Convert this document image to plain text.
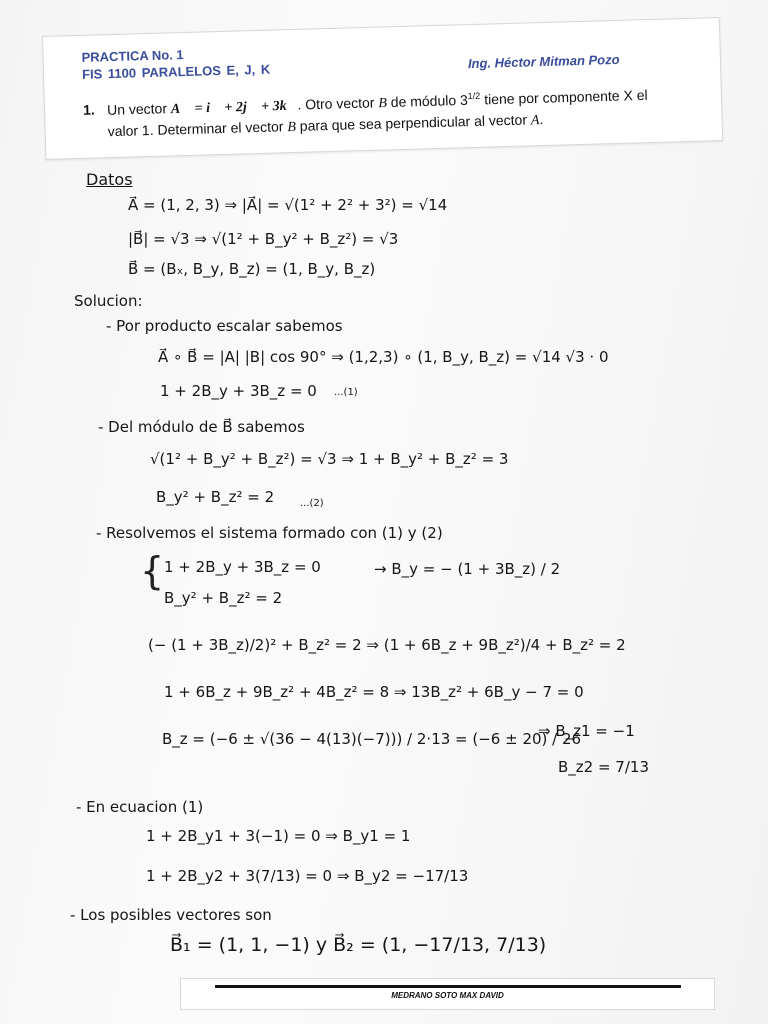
PRACTICA No. 1
FIS 1100 PARALELOS E, J, K
Ing. Héctor Mitman Pozo
1. Un vector A⃗ = i⃗ + 2j⃗ + 3k⃗. Otro vector B de módulo $3^{1/2}$ tiene por componente X el
valor 1. Determinar el vector B para que sea perpendicular al vector A.
Datos
A⃗ = (1, 2, 3) ⇒ |A⃗| = √(1² + 2² + 3²) = √14
|B⃗| = √3 ⇒ √(1² + B_y² + B_z²) = √3
B⃗ = (Bₓ, B_y, B_z) = (1, B_y, B_z)
Solucion:
- Por producto escalar sabemos
A⃗ ∘ B⃗ = |A| |B| cos 90° ⇒ (1,2,3) ∘ (1, B_y, B_z) = √14 √3 · 0
1 + 2B_y + 3B_z = 0 ...(1)
- Del módulo de B⃗ sabemos
√(1² + B_y² + B_z²) = √3 ⇒ 1 + B_y² + B_z² = 3
B_y² + B_z² = 2	...(2)
- Resolvemos el sistema formado con (1) y (2)
{ 1 + 2B_y + 3B_z = 0
B_y² + B_z² = 2
→ B_y = − (1 + 3B_z) / 2
(− (1 + 3B_z)/2)² + B_z² = 2 ⇒ (1 + 6B_z + 9B_z²)/4 + B_z² = 2
1 + 6B_z + 9B_z² + 4B_z² = 8 ⇒ 13B_z² + 6B_y − 7 = 0
B_z = (−6 ± √(36 − 4(13)(−7))) / 2·13 = (−6 ± 20) / 26
⇒ B_z1 = −1
B_z2 = 7/13
- En ecuacion (1)
1 + 2B_y1 + 3(−1) = 0 ⇒ B_y1 = 1
1 + 2B_y2 + 3(7/13) = 0 ⇒ B_y2 = −17/13
- Los posibles vectores son
B⃗₁ = (1, 1, −1) y B⃗₂ = (1, −17/13, 7/13)
MEDRANO SOTO MAX DAVID
